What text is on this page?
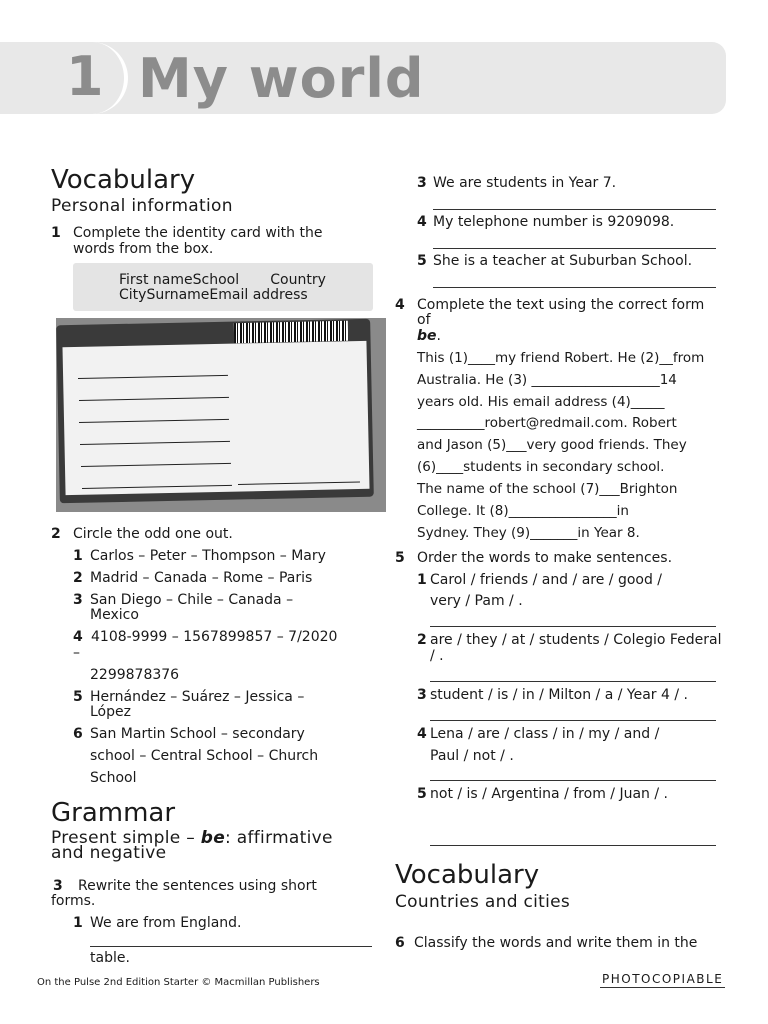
1 My world
Vocabulary
Personal information
1 Complete the identity card with the
words from the box.
First nameSchool       Country
CitySurnameEmail address
2 Circle the odd one out.
1 Carlos – Peter – Thompson – Mary
2 Madrid – Canada – Rome – Paris
3 San Diego – Chile – Canada –
Mexico
4 4108-9999 – 1567899857 – 7/2020
–
2299878376
5 Hernández – Suárez – Jessica –
López
6 San Martin School – secondary
school – Central School – Church
School
Grammar
Present simple – be: affirmative
and negative
3 Rewrite the sentences using short
forms.
1 We are from England.
table.
3 We are students in Year 7.
4 My telephone number is 9209098.
5 She is a teacher at Suburban School.
4 Complete the text using the correct form
of
be.
This (1)____my friend Robert. He (2)__from
Australia. He (3) ___________________14
years old. His email address (4)_____
__________robert@redmail.com. Robert
and Jason (5)___very good friends. They
(6)____students in secondary school.
The name of the school (7)___Brighton
College. It (8)________________in
Sydney. They (9)_______in Year 8.
5 Order the words to make sentences.
1 Carol / friends / and / are / good /
very / Pam / .
2 are / they / at / students / Colegio Federal
/ .
3 student / is / in / Milton / a / Year 4 / .
4 Lena / are / class / in / my / and /
Paul / not / .
5 not / is / Argentina / from / Juan / .
Vocabulary
Countries and cities
6 Classify the words and write them in the
On the Pulse 2nd Edition Starter © Macmillan Publishers	PHOTOCOPIABLE
